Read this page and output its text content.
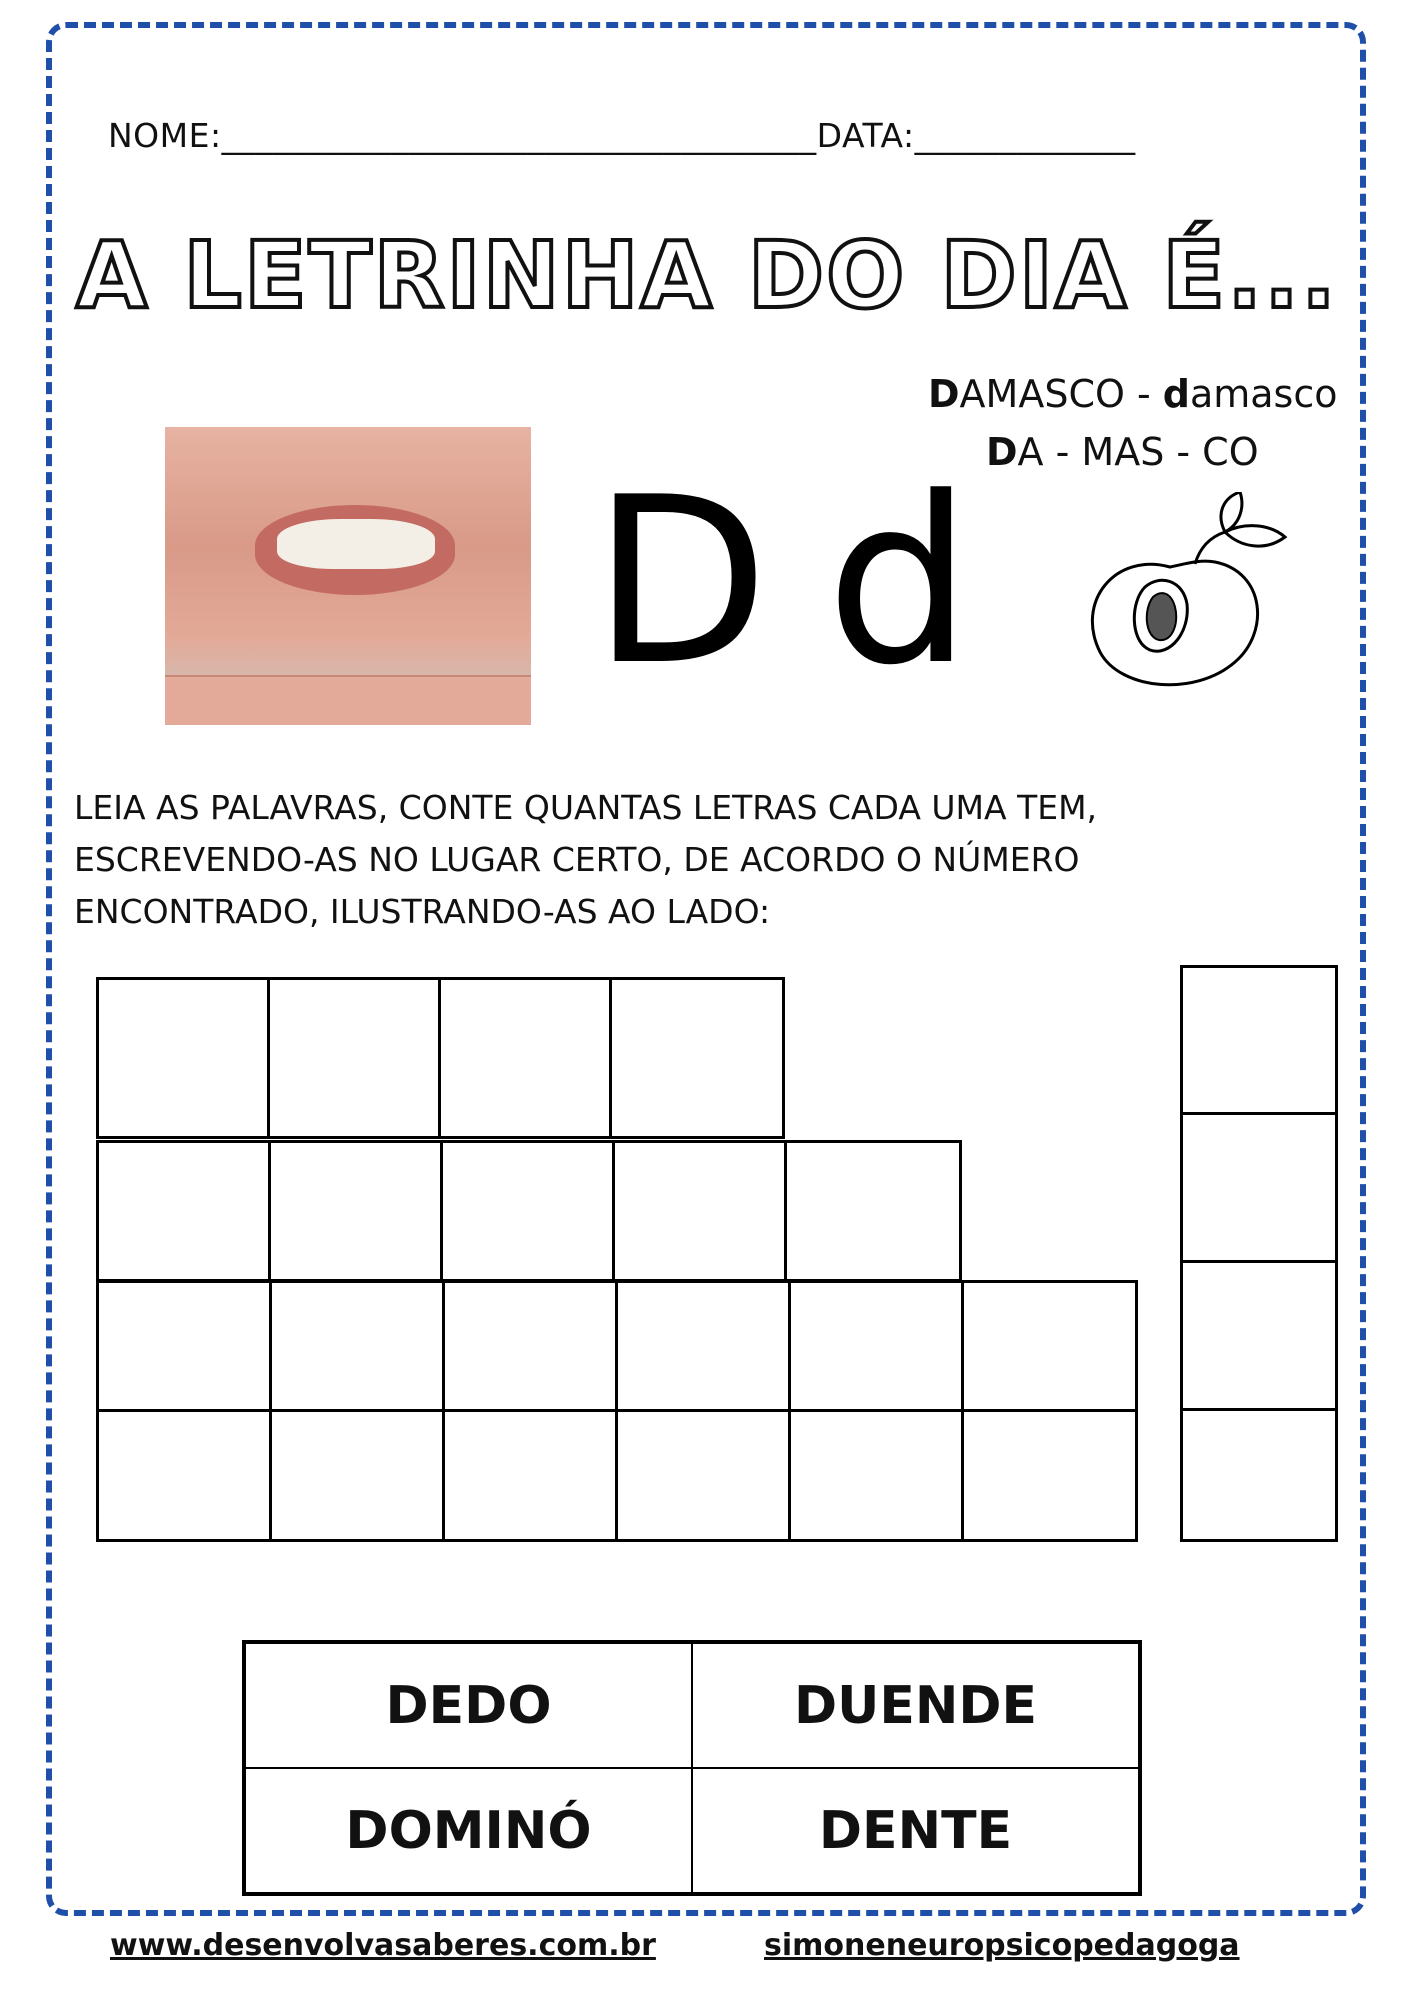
NOME:___________________________________DATA:_____________
A LETRINHA DO DIA É...
DAMASCO - damasco
DA - MAS - CO
D d
LEIA AS PALAVRAS, CONTE QUANTAS LETRAS CADA UMA TEM,
ESCREVENDO-AS NO LUGAR CERTO, DE ACORDO O NÚMERO
ENCONTRADO, ILUSTRANDO-AS AO LADO:
DEDO	DUENDE
DOMINÓ	DENTE
www.desenvolvasaberes.com.br	simoneneuropsicopedagoga
